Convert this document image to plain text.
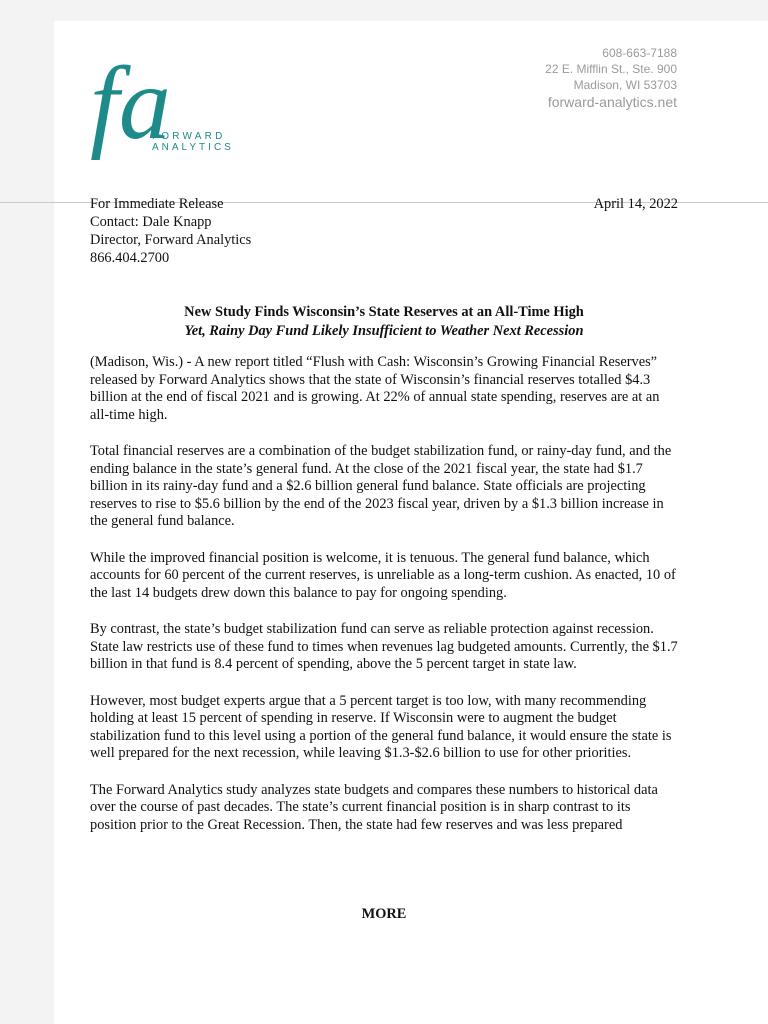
fa
FORWARD
ANALYTICS
608-663-7188
22 E. Mifflin St., Ste. 900
Madison, WI 53703
forward-analytics.net
For Immediate Release	April 14, 2022
Contact: Dale Knapp
Director, Forward Analytics
866.404.2700
New Study Finds Wisconsin’s State Reserves at an All-Time High
Yet, Rainy Day Fund Likely Insufficient to Weather Next Recession

(Madison, Wis.) - A new report titled “Flush with Cash: Wisconsin’s Growing Financial Reserves” released by Forward Analytics shows that the state of Wisconsin’s financial reserves totalled $4.3 billion at the end of fiscal 2021 and is growing. At 22% of annual state spending, reserves are at an all-time high.

Total financial reserves are a combination of the budget stabilization fund, or rainy-day fund, and the ending balance in the state’s general fund. At the close of the 2021 fiscal year, the state had $1.7 billion in its rainy-day fund and a $2.6 billion general fund balance. State officials are projecting reserves to rise to $5.6 billion by the end of the 2023 fiscal year, driven by a $1.3 billion increase in the general fund balance.

While the improved financial position is welcome, it is tenuous. The general fund balance, which accounts for 60 percent of the current reserves, is unreliable as a long-term cushion. As enacted, 10 of the last 14 budgets drew down this balance to pay for ongoing spending.

By contrast, the state’s budget stabilization fund can serve as reliable protection against recession. State law restricts use of these fund to times when revenues lag budgeted amounts. Currently, the $1.7 billion in that fund is 8.4 percent of spending, above the 5 percent target in state law.

However, most budget experts argue that a 5 percent target is too low, with many recommending holding at least 15 percent of spending in reserve. If Wisconsin were to augment the budget stabilization fund to this level using a portion of the general fund balance, it would ensure the state is well prepared for the next recession, while leaving $1.3-$2.6 billion to use for other priorities.

The Forward Analytics study analyzes state budgets and compares these numbers to historical data over the course of past decades. The state’s current financial position is in sharp contrast to its position prior to the Great Recession. Then, the state had few reserves and was less prepared

MORE
